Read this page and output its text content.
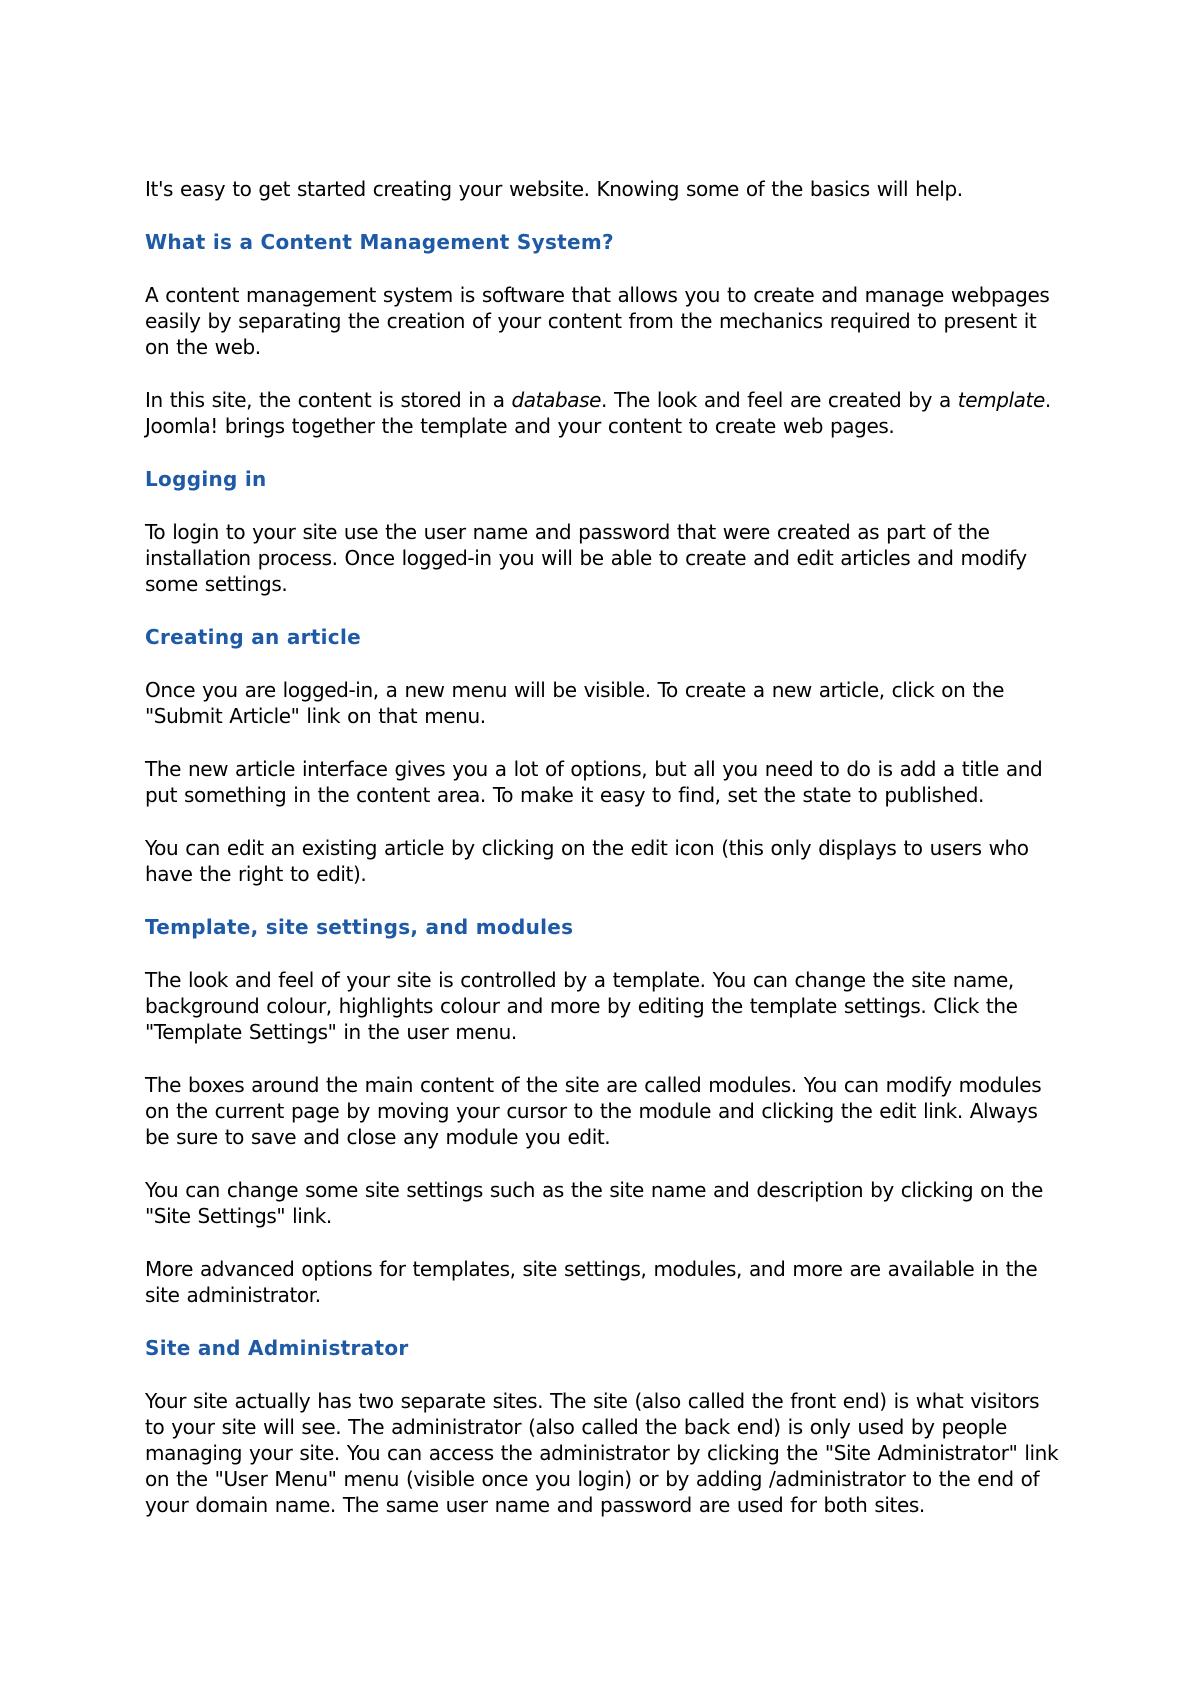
It's easy to get started creating your website. Knowing some of the basics will help.

What is a Content Management System?

A content management system is software that allows you to create and manage webpages easily by separating the creation of your content from the mechanics required to present it on the web.

In this site, the content is stored in a database. The look and feel are created by a template. Joomla! brings together the template and your content to create web pages.

Logging in

To login to your site use the user name and password that were created as part of the installation process. Once logged-in you will be able to create and edit articles and modify some settings.

Creating an article

Once you are logged-in, a new menu will be visible. To create a new article, click on the "Submit Article" link on that menu.

The new article interface gives you a lot of options, but all you need to do is add a title and put something in the content area. To make it easy to find, set the state to published.

You can edit an existing article by clicking on the edit icon (this only displays to users who have the right to edit).

Template, site settings, and modules

The look and feel of your site is controlled by a template. You can change the site name, background colour, highlights colour and more by editing the template settings. Click the "Template Settings" in the user menu.

The boxes around the main content of the site are called modules. You can modify modules on the current page by moving your cursor to the module and clicking the edit link. Always be sure to save and close any module you edit.

You can change some site settings such as the site name and description by clicking on the "Site Settings" link.

More advanced options for templates, site settings, modules, and more are available in the site administrator.

Site and Administrator

Your site actually has two separate sites. The site (also called the front end) is what visitors to your site will see. The administrator (also called the back end) is only used by people managing your site. You can access the administrator by clicking the "Site Administrator" link on the "User Menu" menu (visible once you login) or by adding /administrator to the end of your domain name. The same user name and password are used for both sites.
